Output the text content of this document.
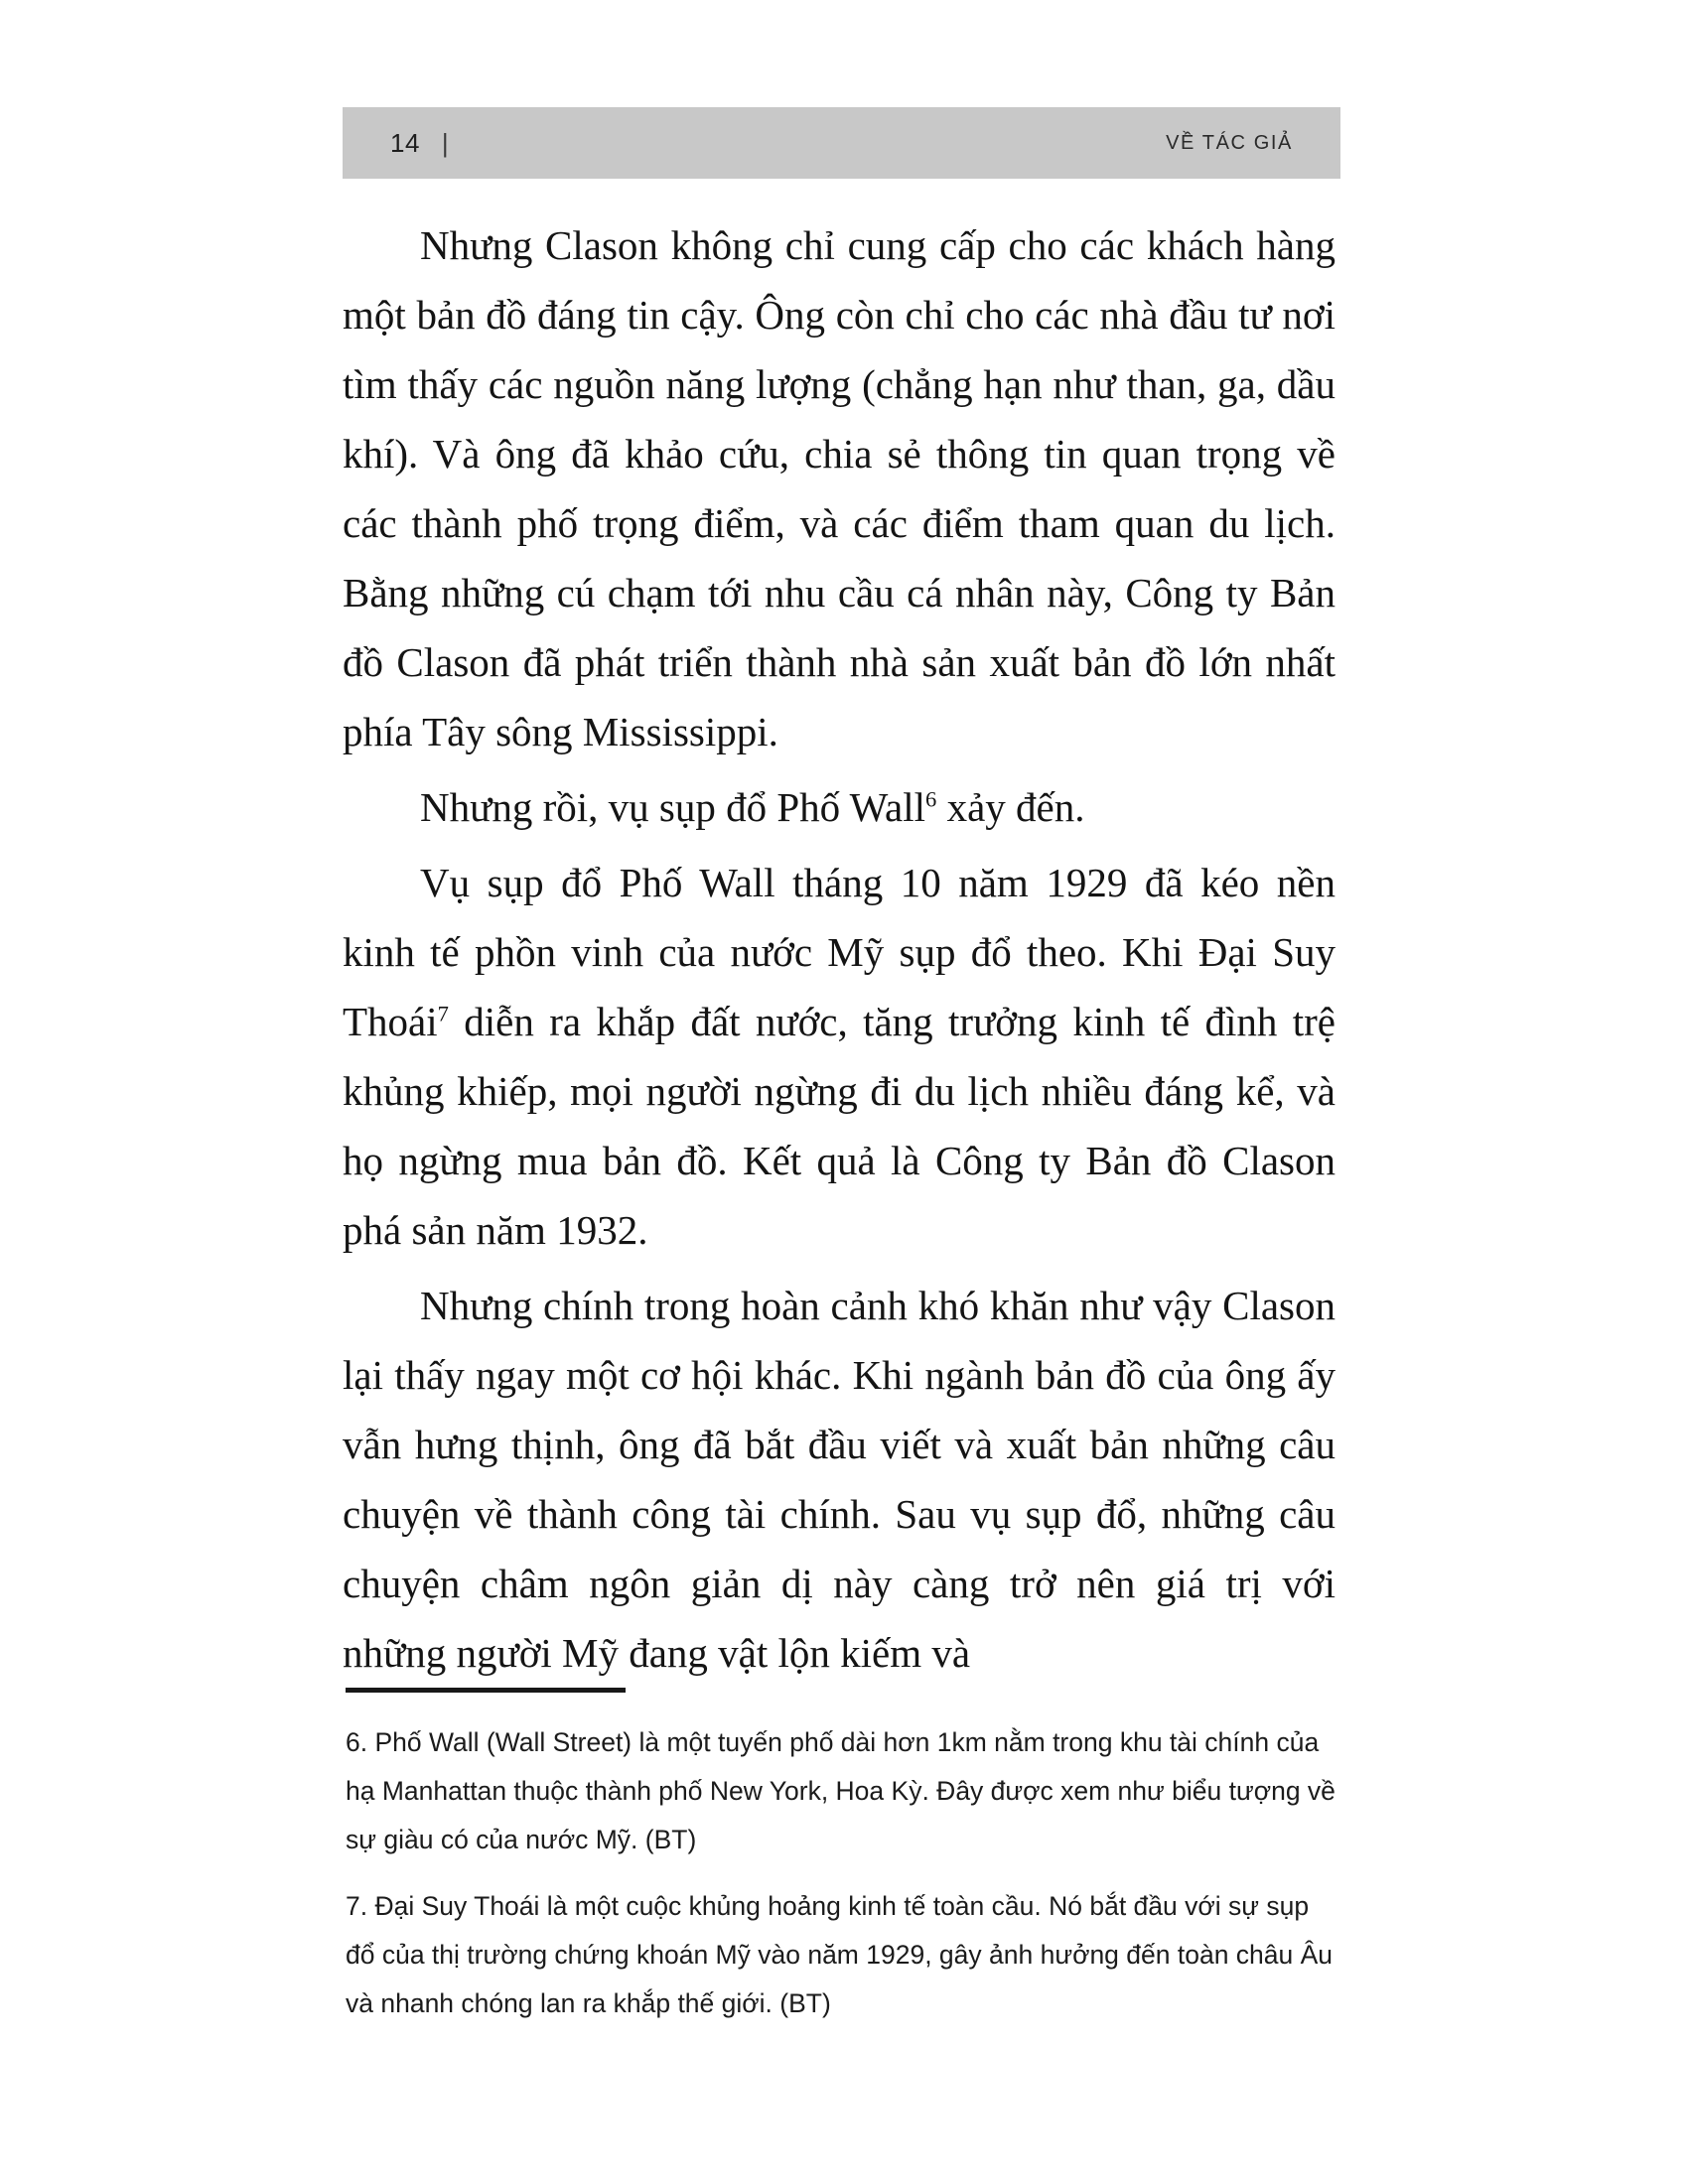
14 |	VỀ TÁC GIẢ

Nhưng Clason không chỉ cung cấp cho các khách hàng một bản đồ đáng tin cậy. Ông còn chỉ cho các nhà đầu tư nơi tìm thấy các nguồn năng lượng (chẳng hạn như than, ga, dầu khí). Và ông đã khảo cứu, chia sẻ thông tin quan trọng về các thành phố trọng điểm, và các điểm tham quan du lịch. Bằng những cú chạm tới nhu cầu cá nhân này, Công ty Bản đồ Clason đã phát triển thành nhà sản xuất bản đồ lớn nhất phía Tây sông Mississippi.

Nhưng rồi, vụ sụp đổ Phố Wall$^6$ xảy đến.

Vụ sụp đổ Phố Wall tháng 10 năm 1929 đã kéo nền kinh tế phồn vinh của nước Mỹ sụp đổ theo. Khi Đại Suy Thoái$^7$ diễn ra khắp đất nước, tăng trưởng kinh tế đình trệ khủng khiếp, mọi người ngừng đi du lịch nhiều đáng kể, và họ ngừng mua bản đồ. Kết quả là Công ty Bản đồ Clason phá sản năm 1932.

Nhưng chính trong hoàn cảnh khó khăn như vậy Clason lại thấy ngay một cơ hội khác. Khi ngành bản đồ của ông ấy vẫn hưng thịnh, ông đã bắt đầu viết và xuất bản những câu chuyện về thành công tài chính. Sau vụ sụp đổ, những câu chuyện châm ngôn giản dị này càng trở nên giá trị với những người Mỹ đang vật lộn kiếm và

6. Phố Wall (Wall Street) là một tuyến phố dài hơn 1km nằm trong khu tài chính của hạ Manhattan thuộc thành phố New York, Hoa Kỳ. Đây được xem như biểu tượng về sự giàu có của nước Mỹ. (BT)

7. Đại Suy Thoái là một cuộc khủng hoảng kinh tế toàn cầu. Nó bắt đầu với sự sụp đổ của thị trường chứng khoán Mỹ vào năm 1929, gây ảnh hưởng đến toàn châu Âu và nhanh chóng lan ra khắp thế giới. (BT)
